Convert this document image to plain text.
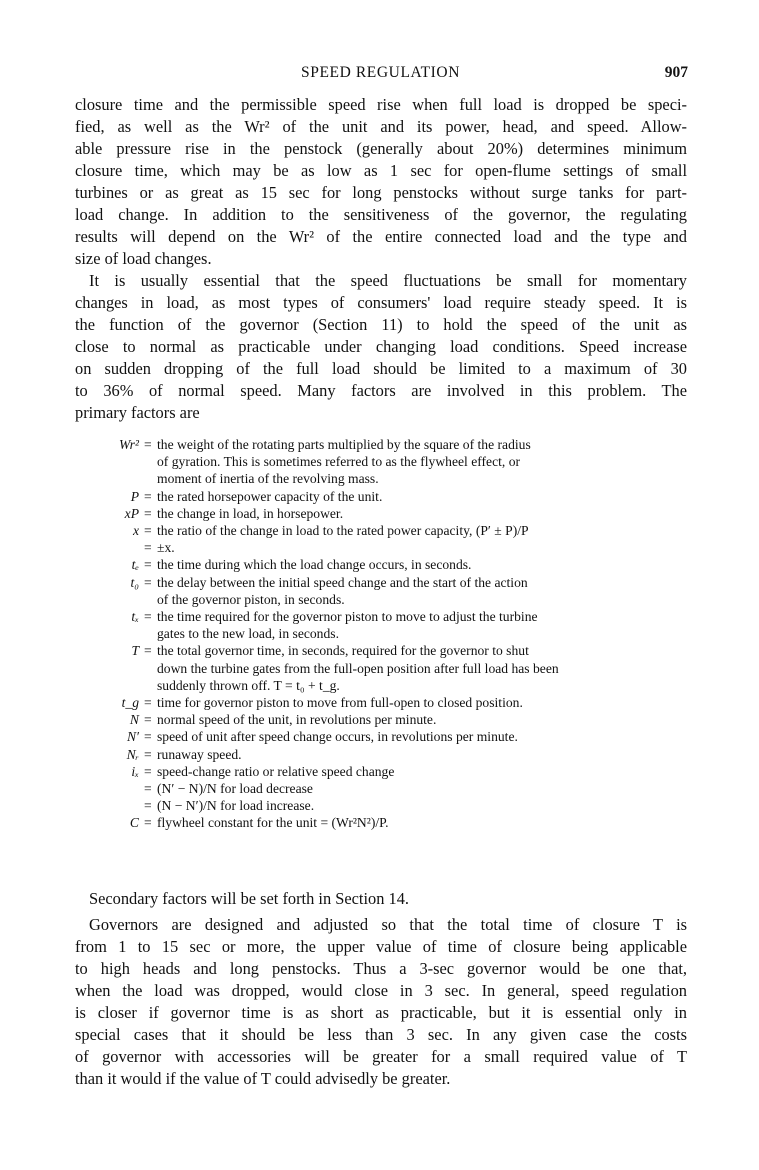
SPEED REGULATION	907
closure time and the permissible speed rise when full load is dropped be speci-
fied, as well as the Wr² of the unit and its power, head, and speed. Allow-
able pressure rise in the penstock (generally about 20%) determines minimum
closure time, which may be as low as 1 sec for open-flume settings of small
turbines or as great as 15 sec for long penstocks without surge tanks for part-
load change. In addition to the sensitiveness of the governor, the regulating
results will depend on the Wr² of the entire connected load and the type and
size of load changes.
It is usually essential that the speed fluctuations be small for momentary
changes in load, as most types of consumers' load require steady speed. It is
the function of the governor (Section 11) to hold the speed of the unit as
close to normal as practicable under changing load conditions. Speed increase
on sudden dropping of the full load should be limited to a maximum of 30
to 36% of normal speed. Many factors are involved in this problem. The
primary factors are
Wr² = the weight of the rotating parts multiplied by the square of the radius
of gyration. This is sometimes referred to as the flywheel effect, or
moment of inertia of the revolving mass.
P = the rated horsepower capacity of the unit.
xP = the change in load, in horsepower.
x = the ratio of the change in load to the rated power capacity, (P′ ± P)/P
= ±x.
tₑ = the time during which the load change occurs, in seconds.
t₀ = the delay between the initial speed change and the start of the action
of the governor piston, in seconds.
tₓ = the time required for the governor piston to move to adjust the turbine
gates to the new load, in seconds.
T = the total governor time, in seconds, required for the governor to shut
down the turbine gates from the full-open position after full load has been
suddenly thrown off. T = t₀ + t_g.
t_g = time for governor piston to move from full-open to closed position.
N = normal speed of the unit, in revolutions per minute.
N′ = speed of unit after speed change occurs, in revolutions per minute.
Nᵣ = runaway speed.
iₓ = speed-change ratio or relative speed change
= (N′ − N)/N for load decrease
= (N − N′)/N for load increase.
C = flywheel constant for the unit = (Wr²N²)/P.
Secondary factors will be set forth in Section 14.
Governors are designed and adjusted so that the total time of closure T is
from 1 to 15 sec or more, the upper value of time of closure being applicable
to high heads and long penstocks. Thus a 3-sec governor would be one that,
when the load was dropped, would close in 3 sec. In general, speed regulation
is closer if governor time is as short as practicable, but it is essential only in
special cases that it should be less than 3 sec. In any given case the costs
of governor with accessories will be greater for a small required value of T
than it would if the value of T could advisedly be greater.
